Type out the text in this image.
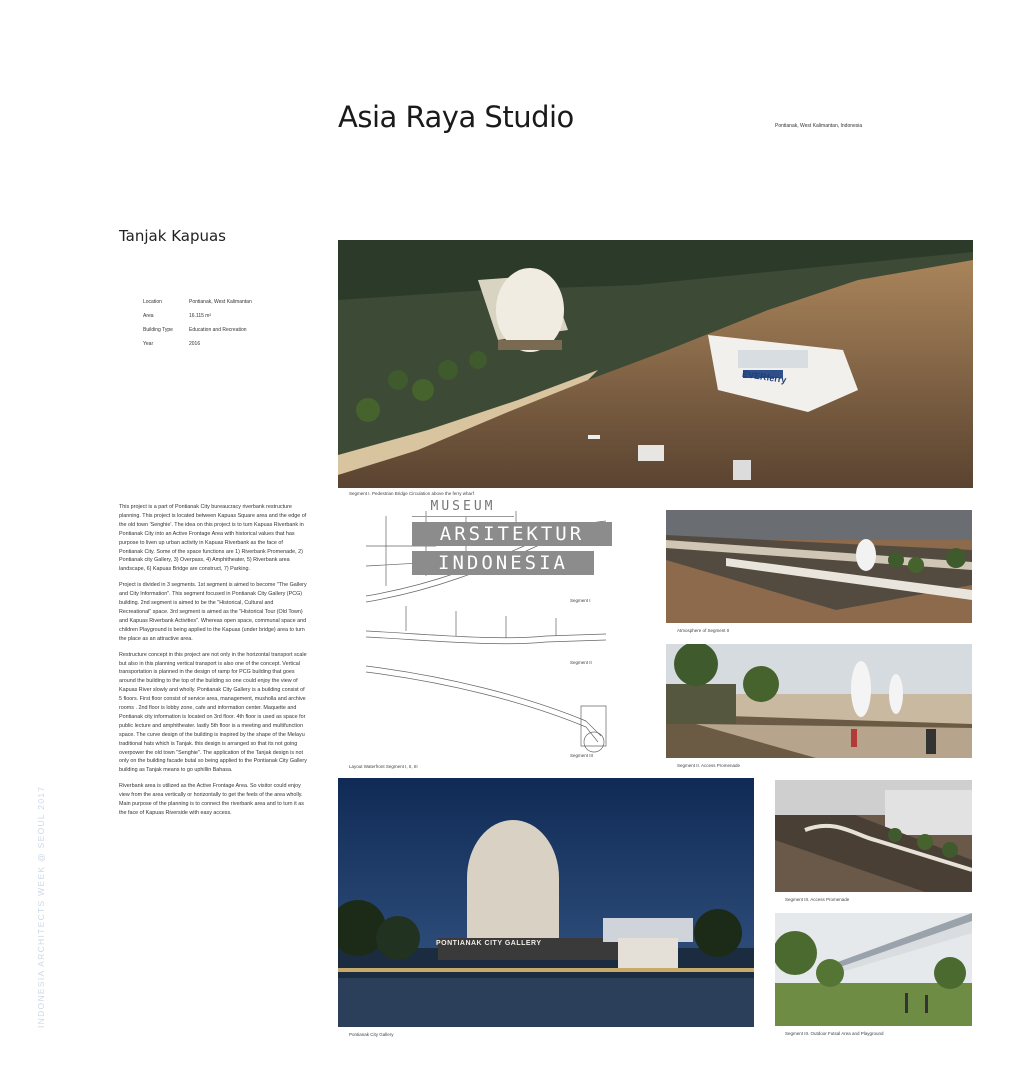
Asia Raya Studio	Pontianak, West Kalimantan, Indonesia
Tanjak Kapuas
Location	Pontianak, West Kalimantan
Area	16.115 m²
Building Type	Education and Recreation
Year	2016

This project is a part of Pontianak City bureaucracy riverbank restructure planning. This project is located between Kapuas Square area and the edge of the old town 'Senghie'. The idea on this project is to turn Kapuas Riverbank in Pontianak City into an Active Frontage Area with historical values that has purpose to liven up urban activity in Kapuas Riverbank as the face of Pontianak City. Some of the space functions are 1) Riverbank Promenade, 2) Pontianak city Gallery, 3) Overpass, 4) Amphitheater, 5) Riverbank area landscape, 6) Kapuas Bridge are construct, 7) Parking.

Project is divided in 3 segments. 1st segment is aimed to become "The Gallery and City Information". This segment focused in Pontianak City Gallery (PCG) building. 2nd segment is aimed to be the "Historical, Cultural and Recreational" space. 3rd segment is aimed as the "Historical Tour (Old Town) and Kapuas Riverbank Activities". Whereas open space, communal space and children Playground is being applied to the Kapuas (under bridge) area to turn the place as an attractive area.

Restructure concept in this project are not only in the horizontal transport scale but also in this planning vertical transport is also one of the concept. Vertical transportation is planned in the design of ramp for PCG building that goes around the building to the top of the building so one could enjoy the view of Kapuas River slowly and wholly. Pontianak City Gallery is a building consist of 5 floors. First floor consist of service area, management, musholla and archive rooms . 2nd floor is lobby zone, cafe and information center. Maquette and Pontianak city information is located on 3rd floor. 4th floor is used as space for public lecture and amphitheater. lastly 5th floor is a meeting and multifunction space. The curve design of the building is inspired by the shape of the Melayu traditional hats which is Tanjak. this design is arranged so that its not going overpower the old town "Senghie". The application of the Tanjak design is not only on the building facade butal so being applied to the Pontianak City Gallery building as Tanjak means to go uphillin Bahasa.

Riverbank area is utilized as the Active Frontage Area. So visitor could enjoy view from the area vertically or horizontally to get the feels of the area wholly. Main purpose of the planning is to connect the riverbank area and to turn it as the face of Kapuas Riverside with easy access.

INDONESIA ARCHITECTS WEEK @ SEOUL 2017
Segment I. Pedestrian Bridge Circulation above the ferry wharf
Segment I
Segment II
Segment III
Layout Waterfront Segment I, II, III
MUSEUM
ARSITEKTUR
INDONESIA
Atmosphere of Segment II
Segment II. Access Promenade
PONTIANAK CITY GALLERY
Pontianak City Gallery
Segment III. Access Promenade
Segment III. Outdoor Futsal Area and Playground
EVERferry
